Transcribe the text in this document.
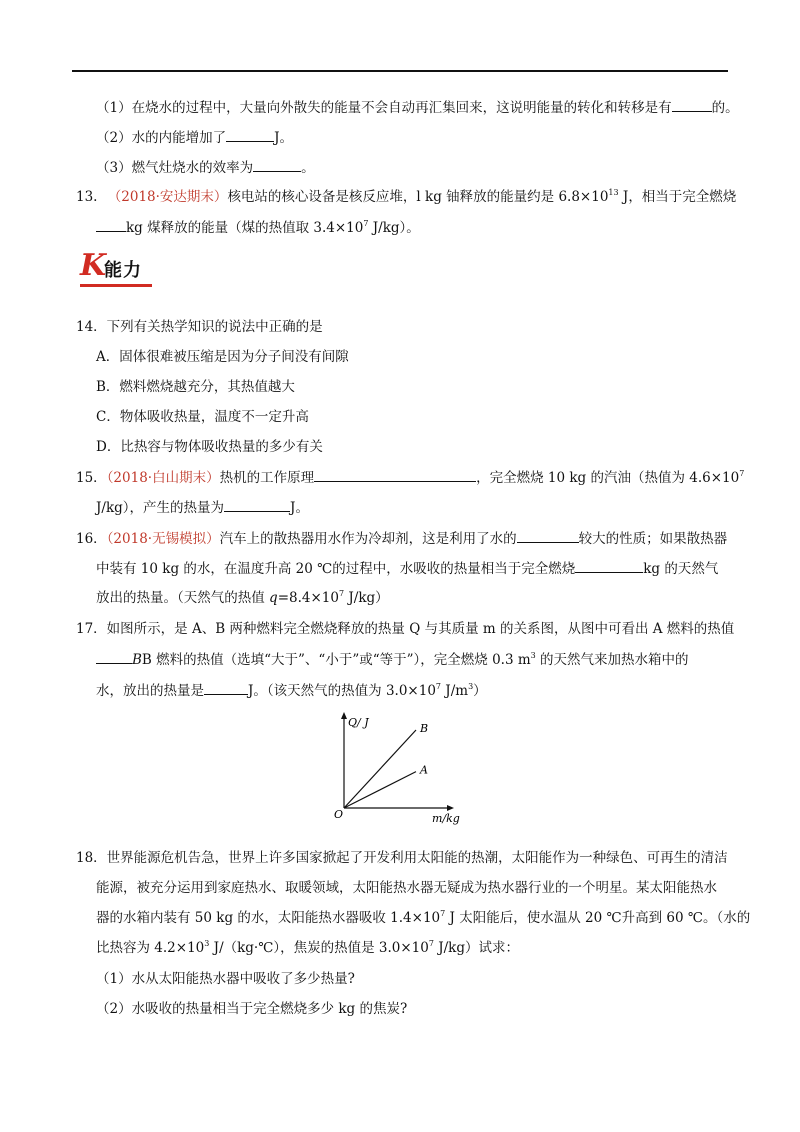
（1）在烧水的过程中，大量向外散失的能量不会自动再汇集回来，这说明能量的转化和转移是有	的。
（2）水的内能增加了	J。
（3）燃气灶烧水的效率为	。
13. （2018·安达期末）核电站的核心设备是核反应堆，l kg 铀释放的能量约是 $6.8\times 10^{13}$ J，相当于完全燃烧
kg 煤释放的能量（煤的热值取 $3.4\times 10^7$ J/kg）。
K
能力
14．下列有关热学知识的说法中正确的是
A．固体很难被压缩是因为分子间没有间隙
B．燃料燃烧越充分，其热值越大
C．物体吸收热量，温度不一定升高
D．比热容与物体吸收热量的多少有关
15．（2018·白山期末）热机的工作原理	，完全燃烧 10 kg 的汽油（热值为 $4.6\times 10^7$
J/kg），产生的热量为	J。
16．（2018·无锡模拟）汽车上的散热器用水作为冷却剂，这是利用了水的	较大的性质；如果散热器
中装有 10 kg 的水，在温度升高 20 ℃的过程中，水吸收的热量相当于完全燃烧	kg 的天然气
放出的热量。（天然气的热值 $q=8.4\times 10^7$ J/kg）
17．如图所示，是 A、B 两种燃料完全燃烧释放的热量 Q 与其质量 m 的关系图，从图中可看出 A 燃料的热值
BB 燃料的热值（选填“大于”、“小于”或“等于”），完全燃烧 0.3 $m^3$ 的天然气来加热水箱中的
水，放出的热量是	J。（该天然气的热值为 $3.0\times 10^7$ $J/m^3$）
Q/ J
m/kg
O
B
A
18．世界能源危机告急，世界上许多国家掀起了开发利用太阳能的热潮，太阳能作为一种绿色、可再生的清洁
能源，被充分运用到家庭热水、取暖领域，太阳能热水器无疑成为热水器行业的一个明星。某太阳能热水
器的水箱内装有 50 kg 的水，太阳能热水器吸收 $1.4\times 10^7$ J 太阳能后，使水温从 20 ℃升高到 60 ℃。（水的
比热容为 $4.2\times 10^3$ J/（kg·℃），焦炭的热值是 $3.0\times 10^7$ J/kg）试求：
（1）水从太阳能热水器中吸收了多少热量?
（2）水吸收的热量相当于完全燃烧多少 kg 的焦炭?
